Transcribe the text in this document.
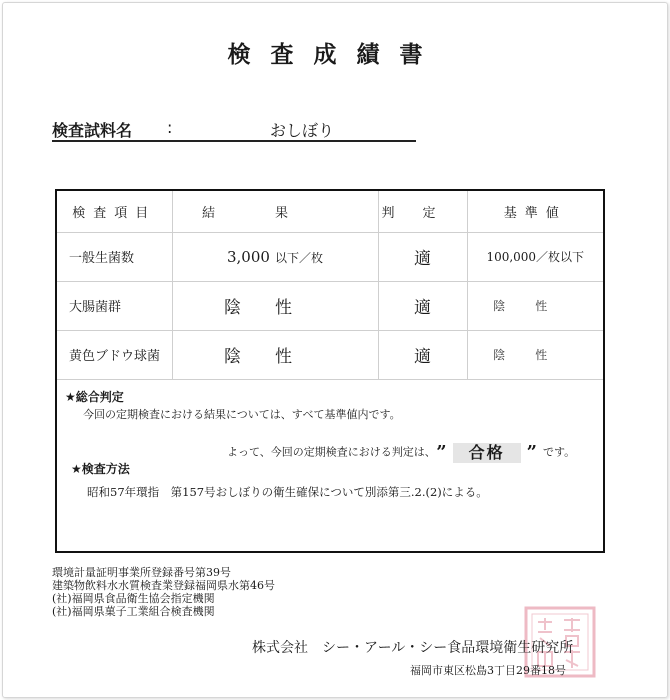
検査成績書
検査試料名 :	おしぼり
検査項目	結果	判定	基準値
一般生菌数	3,000 以下／枚	適	100,000／枚以下
大腸菌群	陰性	適	陰性
黄色ブドウ球菌	陰性	適	陰性
★総合判定
今回の定期検査における結果については、すべて基準値内です。
よって、今回の定期検査における判定は、 ” 合格 ” です。
★検査方法
昭和57年環指　第157号おしぼりの衛生確保について別添第三.2.(2)による。
環境計量証明事業所登録番号第39号
建築物飲料水水質検査業登録福岡県水第46号
(社)福岡県食品衛生協会指定機関
(社)福岡県菓子工業組合検査機関
株式会社　シー・アール・シー食品環境衛生研究所
福岡市東区松島3丁目29番18号
